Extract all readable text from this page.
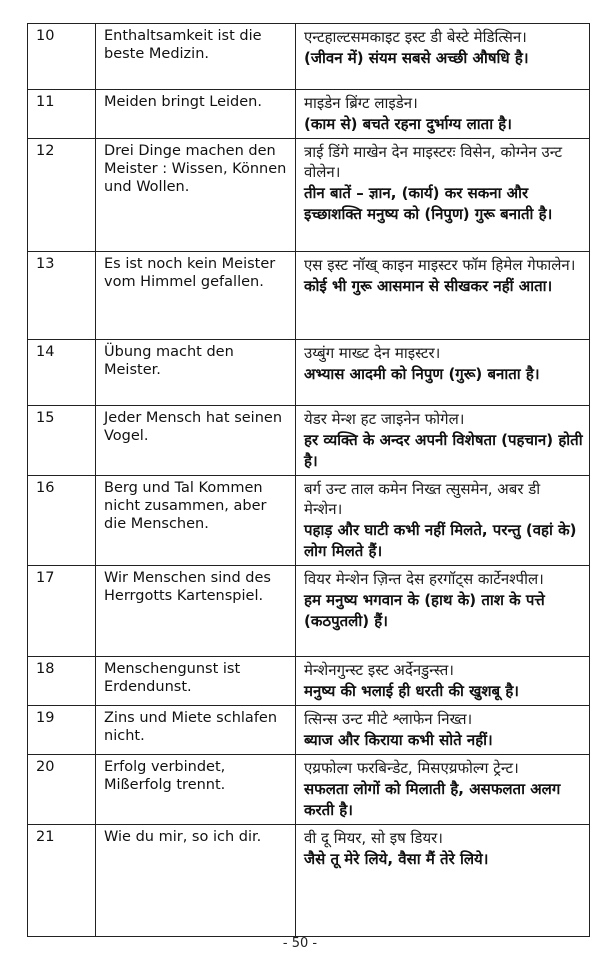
10	Enthaltsamkeit ist die beste Medizin.	एन्टहाल्टसमकाइट इस्ट डी बेस्टे मेडित्सिन।
(जीवन में) संयम सबसे अच्छी औषधि है।

11	Meiden bringt Leiden.	माइडेन ब्रिंग्ट लाइडेन।
(काम से) बचते रहना दुर्भाग्य लाता है।

12	Drei Dinge machen den Meister : Wissen, Können und Wollen.	त्राई डिंगे माखेन देन माइस्टरः विसेन, कोग्नेन उन्ट वोलेन।
तीन बातें – ज्ञान, (कार्य) कर सकना और इच्छाशक्ति मनुष्य को (निपुण) गुरू बनाती है।

13	Es ist noch kein Meister vom Himmel gefallen.	एस इस्ट नॉख् काइन माइस्टर फॉम हिमेल गेफालेन।
कोई भी गुरू आसमान से सीखकर नहीं आता।

14	Übung macht den Meister.	उय्बुंग माख्ट देन माइस्टर।
अभ्यास आदमी को निपुण (गुरू) बनाता है।

15	Jeder Mensch hat seinen Vogel.	येडर मेन्श हट जाइनेन फोगेल।
हर व्यक्ति के अन्दर अपनी विशेषता (पहचान) होती है।

16	Berg und Tal Kommen nicht zusammen, aber die Menschen.	बर्ग उन्ट ताल कमेन निख्त त्सुसमेन, अबर डी मेन्शेन।
पहाड़ और घाटी कभी नहीं मिलते, परन्तु (वहां के) लोग मिलते हैं।

17	Wir Menschen sind des Herrgotts Kartenspiel.	वियर मेन्शेन ज़िन्त देस हरगॉट्स कार्टेनश्पील।
हम मनुष्य भगवान के (हाथ के) ताश के पत्ते (कठपुतली) हैं।

18	Menschengunst ist Erdendunst.	मेन्शेनगुन्स्ट इस्ट अर्देनडुन्स्त।
मनुष्य की भलाई ही धरती की खुशबू है।

19	Zins und Miete schlafen nicht.	त्सिन्स उन्ट मीटे श्लाफेन निख्त।
ब्याज और किराया कभी सोते नहीं।

20	Erfolg verbindet, Mißerfolg trennt.	एय्रफोल्ग फरबिन्डेट, मिसएय्रफोल्ग ट्रेन्ट।
सफलता लोगों को मिलाती है, असफलता अलग करती है।

21	Wie du mir, so ich dir.	वी दू मियर, सो इष डियर।
जैसे तू मेरे लिये, वैसा मैं तेरे लिये।
- 50 -
